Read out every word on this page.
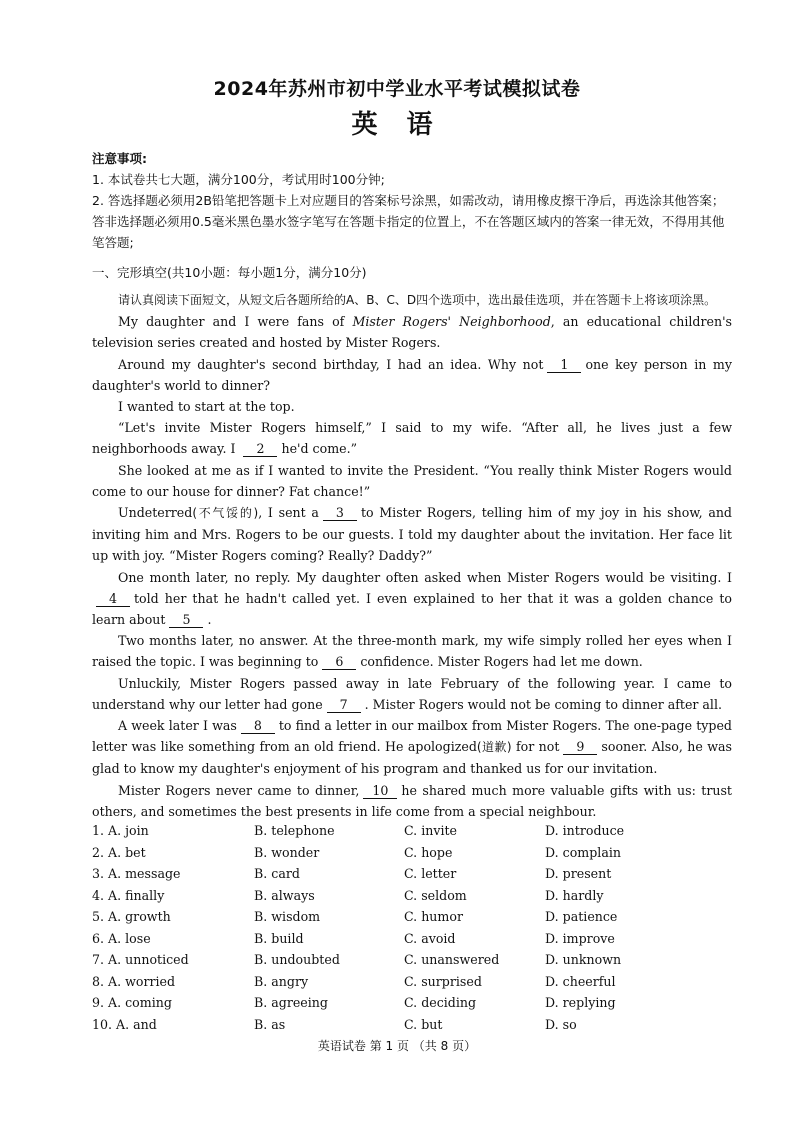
2024年苏州市初中学业水平考试模拟试卷
英 语
注意事项:
1. 本试卷共七大题，满分100分，考试用时100分钟;
2. 答选择题必须用2B铅笔把答题卡上对应题目的答案标号涂黑，如需改动，请用橡皮擦干净后，再选涂其他答案；答非选择题必须用0.5毫米黑色墨水签字笔写在答题卡指定的位置上，不在答题区域内的答案一律无效，不得用其他笔答题;
一、完形填空(共10小题：每小题1分，满分10分)

请认真阅读下面短文，从短文后各题所给的A、B、C、D四个选项中，选出最佳选项，并在答题卡上将该项涂黑。

My daughter and I were fans of Mister Rogers' Neighborhood, an educational children's television series created and hosted by Mister Rogers.

Around my daughter's second birthday, I had an idea. Why not 1 one key person in my daughter's world to dinner?

I wanted to start at the top.

“Let's invite Mister Rogers himself,” I said to my wife. “After all, he lives just a few neighborhoods away. I 2 he'd come.”

She looked at me as if I wanted to invite the President. “You really think Mister Rogers would come to our house for dinner? Fat chance!”

Undeterred(不气馁的), I sent a 3 to Mister Rogers, telling him of my joy in his show, and inviting him and Mrs. Rogers to be our guests. I told my daughter about the invitation. Her face lit up with joy. “Mister Rogers coming? Really? Daddy?”

One month later, no reply. My daughter often asked when Mister Rogers would be visiting. I4 told her that he hadn't called yet. I even explained to her that it was a golden chance to learn about 5 .

Two months later, no answer. At the three-month mark, my wife simply rolled her eyes when I raised the topic. I was beginning to 6 confidence. Mister Rogers had let me down.

Unluckily, Mister Rogers passed away in late February of the following year. I came to understand why our letter had gone 7 . Mister Rogers would not be coming to dinner after all.

A week later I was 8 to find a letter in our mailbox from Mister Rogers. The one-page typed letter was like something from an old friend. He apologized(道歉) for not 9 sooner. Also, he was glad to know my daughter's enjoyment of his program and thanked us for our invitation.

Mister Rogers never came to dinner, 10 he shared much more valuable gifts with us: trust others, and sometimes the best presents in life come from a special neighbour.

1. A. join	B. telephone	C. invite	D. introduce
2. A. bet	B. wonder	C. hope	D. complain
3. A. message	B. card	C. letter	D. present
4. A. finally	B. always	C. seldom	D. hardly
5. A. growth	B. wisdom	C. humor	D. patience
6. A. lose	B. build	C. avoid	D. improve
7. A. unnoticed	B. undoubted	C. unanswered	D. unknown
8. A. worried	B. angry	C. surprised	D. cheerful
9. A. coming	B. agreeing	C. deciding	D. replying
10. A. and	B. as	C. but	D. so
英语试卷 第 1 页 （共 8 页）
